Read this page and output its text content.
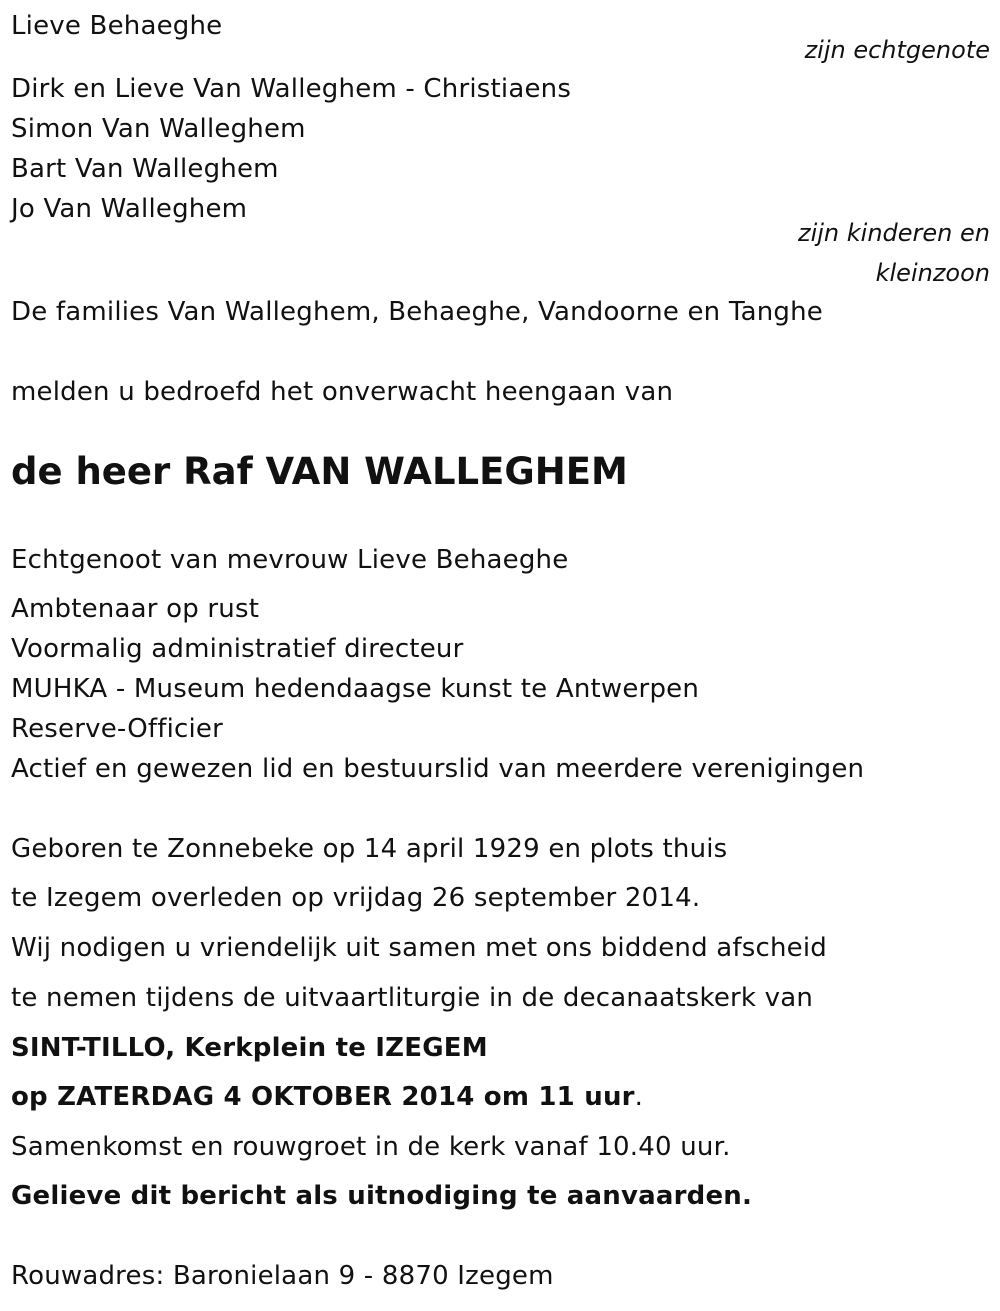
Lieve Behaeghe
zijn echtgenote
Dirk en Lieve Van Walleghem - Christiaens
Simon Van Walleghem
Bart Van Walleghem
Jo Van Walleghem
zijn kinderen en
kleinzoon
De families Van Walleghem, Behaeghe, Vandoorne en Tanghe
melden u bedroefd het onverwacht heengaan van
de heer Raf VAN WALLEGHEM
Echtgenoot van mevrouw Lieve Behaeghe
Ambtenaar op rust
Voormalig administratief directeur
MUHKA - Museum hedendaagse kunst te Antwerpen
Reserve-Officier
Actief en gewezen lid en bestuurslid van meerdere verenigingen
Geboren te Zonnebeke op 14 april 1929 en plots thuis
te Izegem overleden op vrijdag 26 september 2014.
Wij nodigen u vriendelijk uit samen met ons biddend afscheid
te nemen tijdens de uitvaartliturgie in de decanaatskerk van
SINT-TILLO, Kerkplein te IZEGEM
op ZATERDAG 4 OKTOBER 2014 om 11 uur.
Samenkomst en rouwgroet in de kerk vanaf 10.40 uur.
Gelieve dit bericht als uitnodiging te aanvaarden.
Rouwadres: Baronielaan 9 - 8870 Izegem
